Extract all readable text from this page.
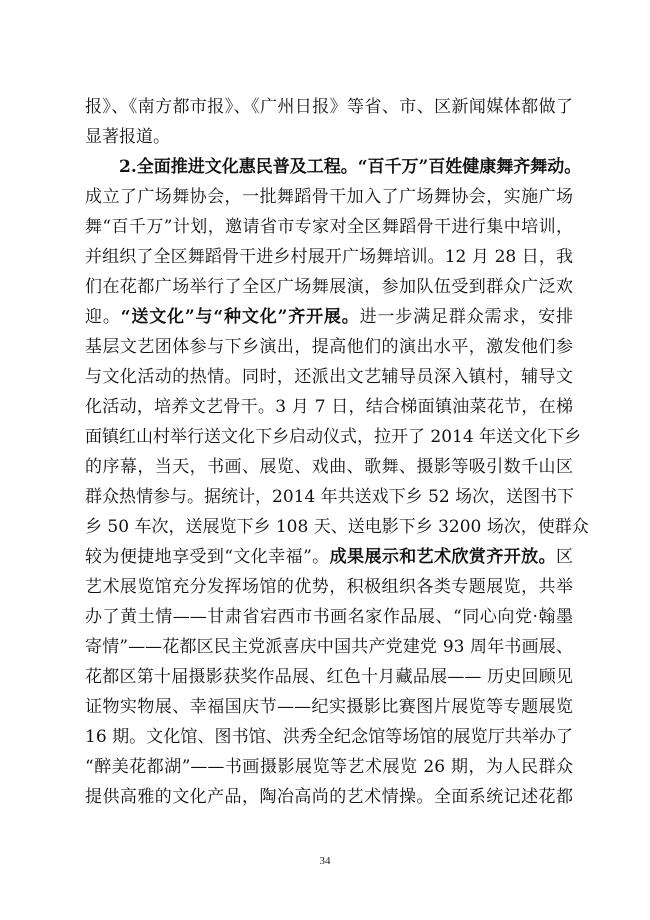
报》、《南方都市报》、《广州日报》等省、市、区新闻媒体都做了
显著报道。
2.全面推进文化惠民普及工程。“百千万”百姓健康舞齐舞动。
成立了广场舞协会，一批舞蹈骨干加入了广场舞协会，实施广场
舞“百千万”计划，邀请省市专家对全区舞蹈骨干进行集中培训，
并组织了全区舞蹈骨干进乡村展开广场舞培训。12 月 28 日，我
们在花都广场举行了全区广场舞展演，参加队伍受到群众广泛欢
迎。“送文化”与“种文化”齐开展。进一步满足群众需求，安排
基层文艺团体参与下乡演出，提高他们的演出水平，激发他们参
与文化活动的热情。同时，还派出文艺辅导员深入镇村，辅导文
化活动，培养文艺骨干。3 月 7 日，结合梯面镇油菜花节，在梯
面镇红山村举行送文化下乡启动仪式，拉开了 2014 年送文化下乡
的序幕，当天，书画、展览、戏曲、歌舞、摄影等吸引数千山区
群众热情参与。据统计，2014 年共送戏下乡 52 场次，送图书下
乡 50 车次，送展览下乡 108 天、送电影下乡 3200 场次，使群众
较为便捷地享受到“文化幸福”。成果展示和艺术欣赏齐开放。区
艺术展览馆充分发挥场馆的优势，积极组织各类专题展览，共举
办了黄土情——甘肃省宕西市书画名家作品展、“同心向党·翰墨
寄情”——花都区民主党派喜庆中国共产党建党 93 周年书画展、
花都区第十届摄影获奖作品展、红色十月藏品展—— 历史回顾见
证物实物展、幸福国庆节——纪实摄影比赛图片展览等专题展览
16 期。文化馆、图书馆、洪秀全纪念馆等场馆的展览厅共举办了
“醉美花都湖”——书画摄影展览等艺术展览 26 期，为人民群众
提供高雅的文化产品，陶冶高尚的艺术情操。全面系统记述花都
34
